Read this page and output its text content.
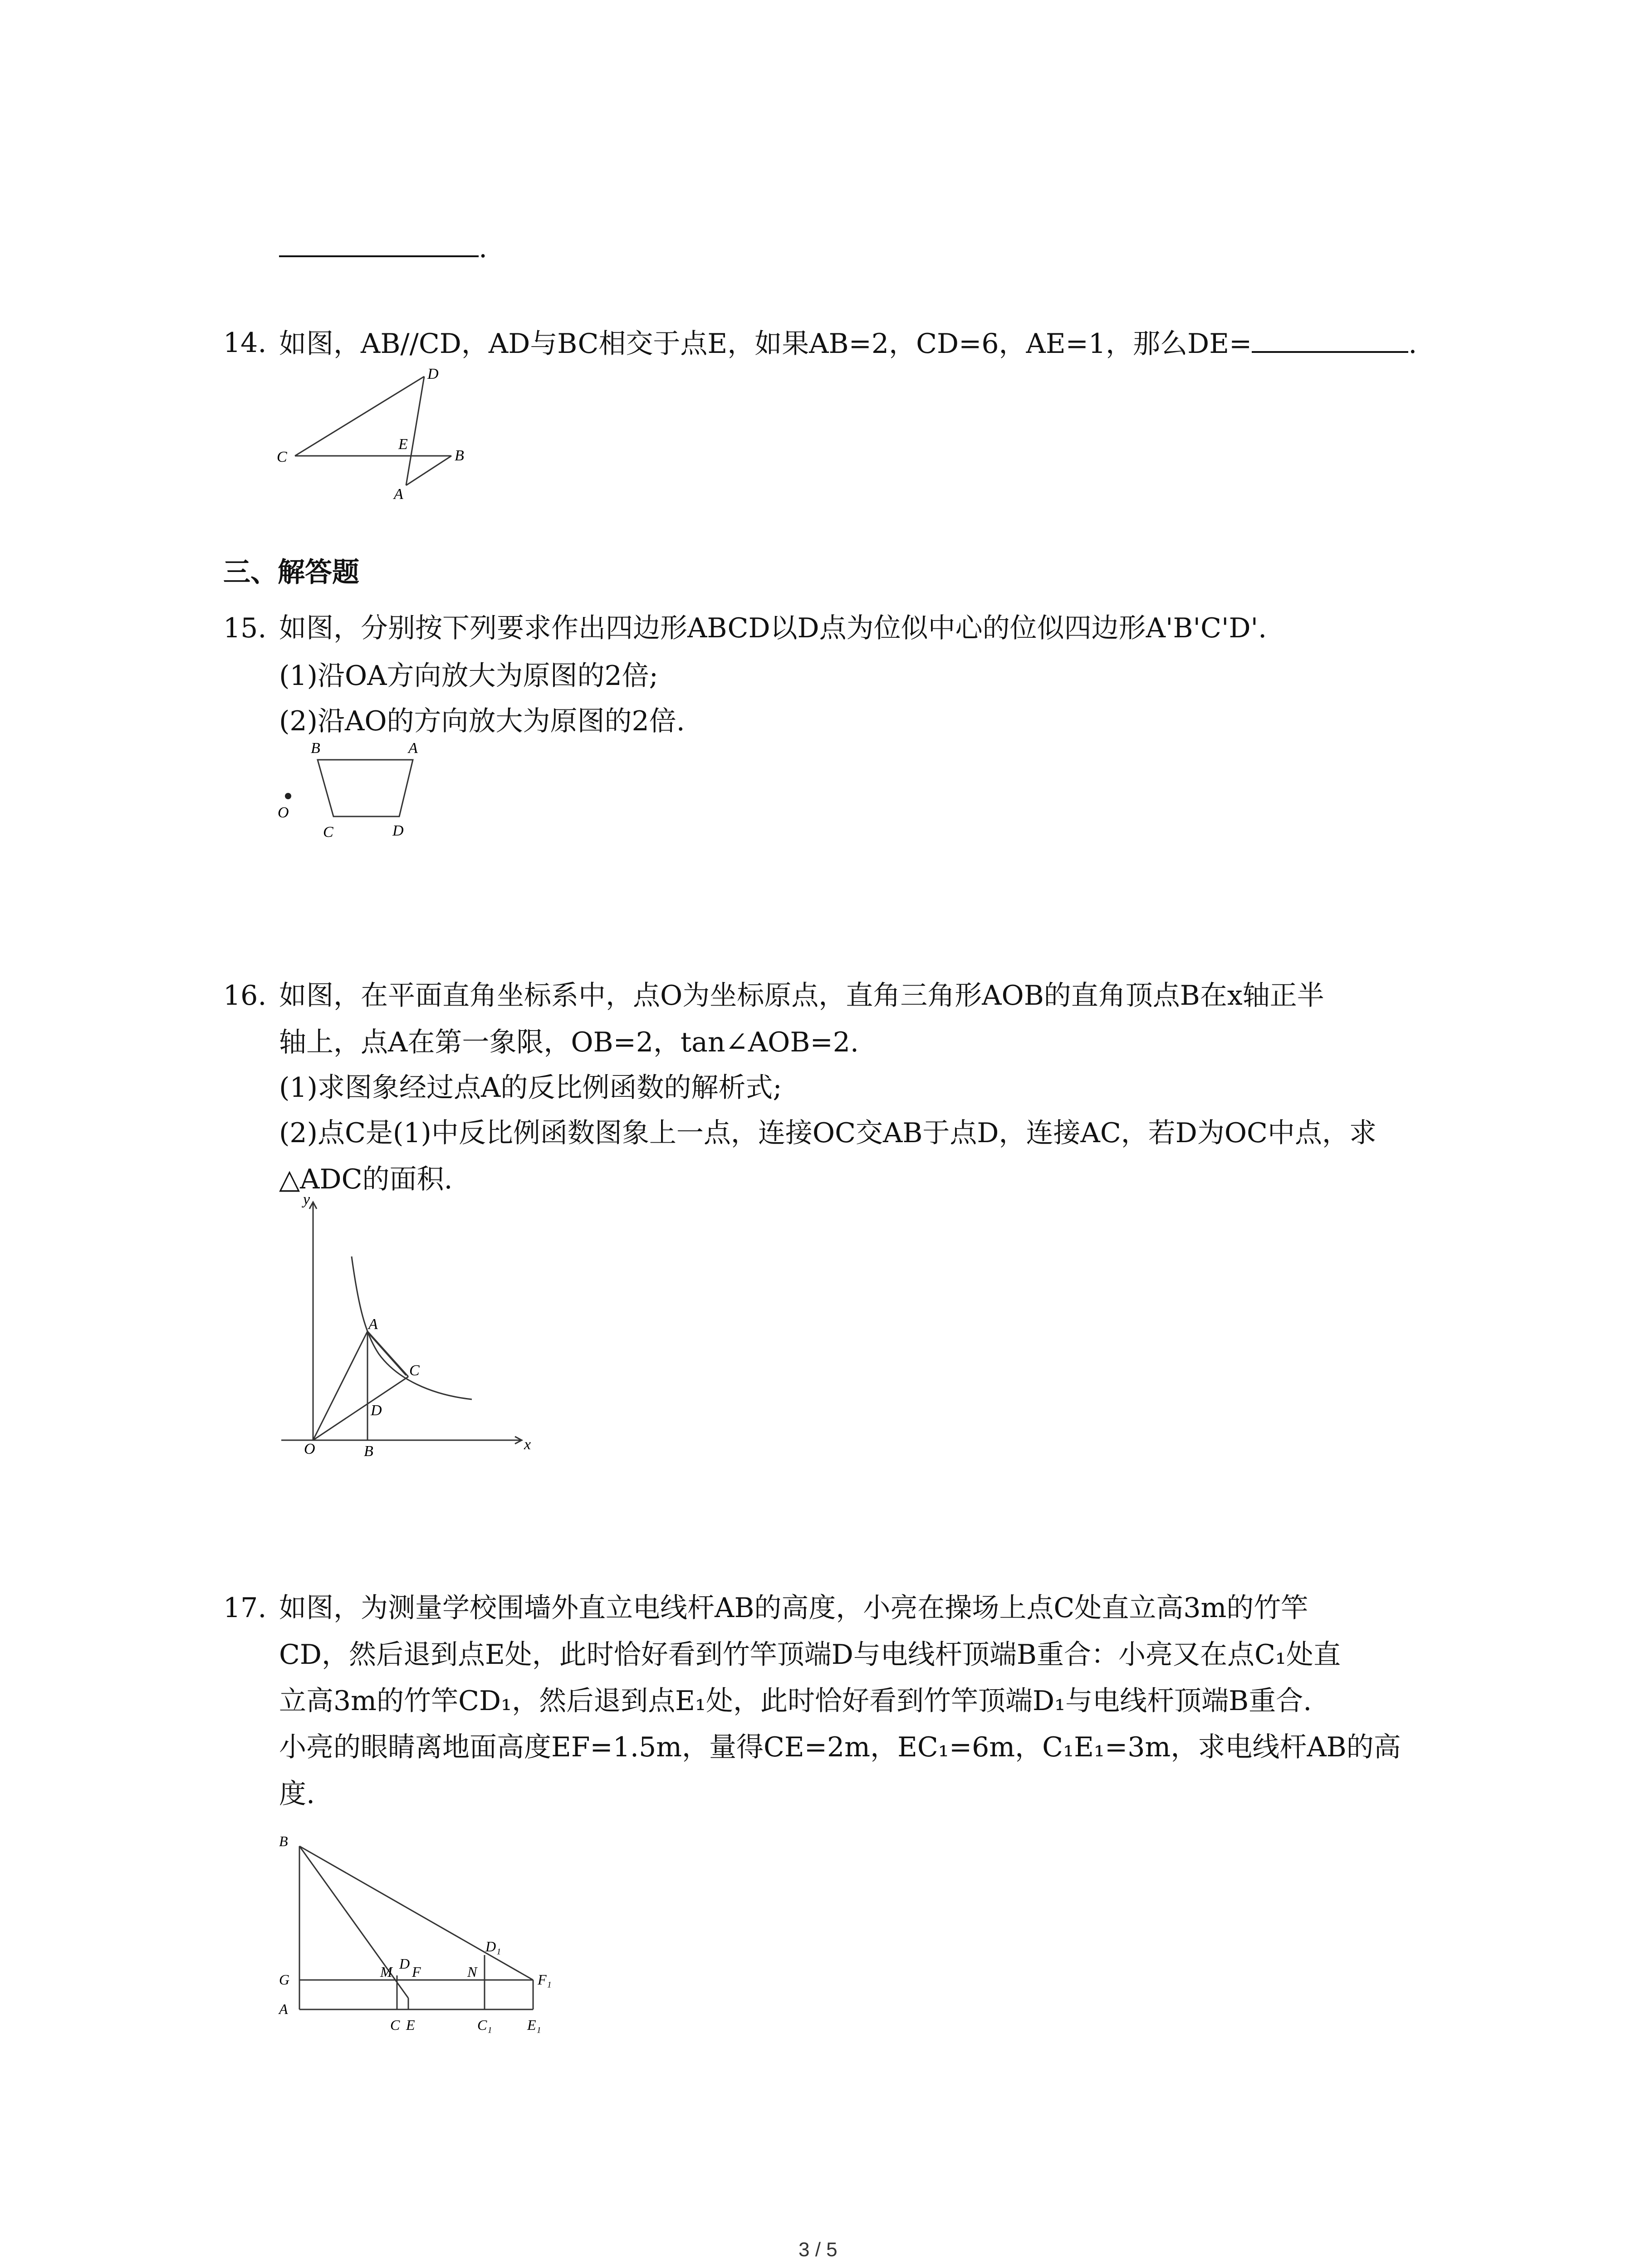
.
14. 如图，AB//CD，AD与BC相交于点E，如果AB=2，CD=6，AE=1，那么DE=	.
D
C
E
B
A
三、解答题
15. 如图，分别按下列要求作出四边形ABCD以D点为位似中心的位似四边形A'B'C'D'.
(1)沿OA方向放大为原图的2倍;
(2)沿AO的方向放大为原图的2倍.
B	A
O
C	D
16. 如图，在平面直角坐标系中，点O为坐标原点，直角三角形AOB的直角顶点B在x轴正半
轴上，点A在第一象限，OB=2，tan∠AOB=2.
(1)求图象经过点A的反比例函数的解析式;
(2)点C是(1)中反比例函数图象上一点，连接OC交AB于点D，连接AC，若D为OC中点，求
△ADC的面积.
y
x
O	B
A
C
D
17. 如图，为测量学校围墙外直立电线杆AB的高度，小亮在操场上点C处直立高3m的竹竿
CD，然后退到点E处，此时恰好看到竹竿顶端D与电线杆顶端B重合：小亮又在点C₁处直
立高3m的竹竿CD₁，然后退到点E₁处，此时恰好看到竹竿顶端D₁与电线杆顶端B重合.
小亮的眼睛离地面高度EF=1.5m，量得CE=2m，EC₁=6m，C₁E₁=3m，求电线杆AB的高
度.
B
G
A
D
M F	N
D₁
F₁
C E	C₁ E₁
3 / 5
